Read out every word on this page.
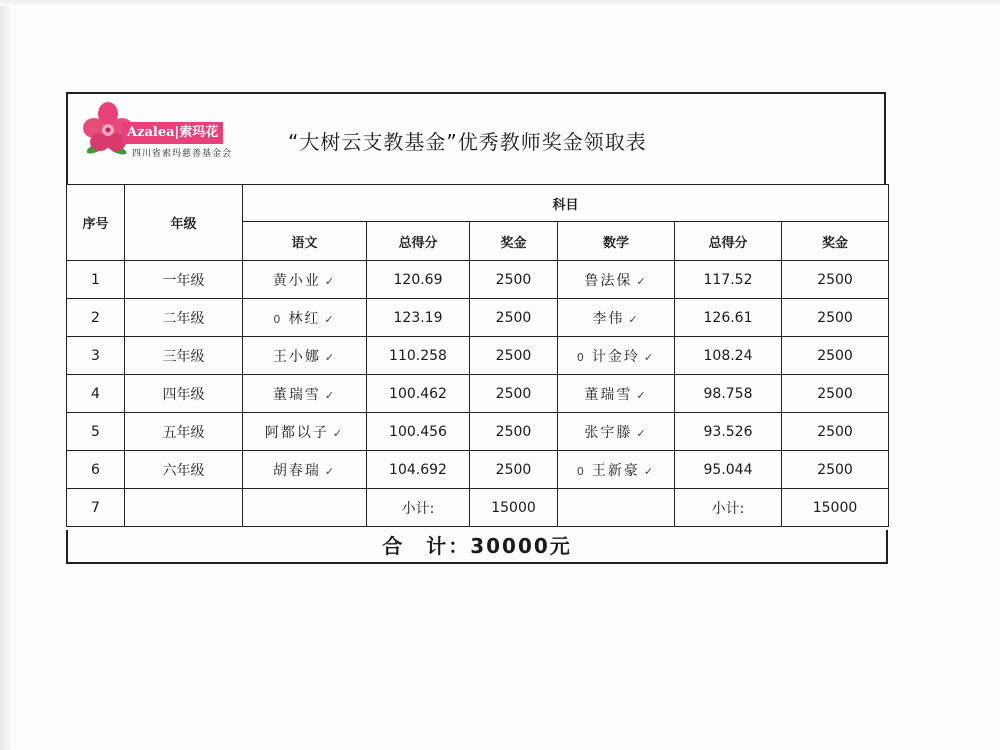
Azalea|索玛花
四川省索玛慈善基金会	“大树云支教基金”优秀教师奖金领取表
序号	年级	科目					
		语文	总得分	奖金	数学	总得分	奖金
1	一年级	黄小业 ✓	120.69	2500	鲁法保 ✓	117.52	2500
2	二年级	0 林红 ✓	123.19	2500	李伟 ✓	126.61	2500
3	三年级	王小娜 ✓	110.258	2500	0 计金玲 ✓	108.24	2500
4	四年级	董瑞雪 ✓	100.462	2500	董瑞雪 ✓	98.758	2500
5	五年级	阿都以子 ✓	100.456	2500	张宇滕 ✓	93.526	2500
6	六年级	胡春瑞 ✓	104.692	2500	0 王新豪 ✓	95.044	2500
7			小计:	15000		小计:	15000
合　计：30000元
